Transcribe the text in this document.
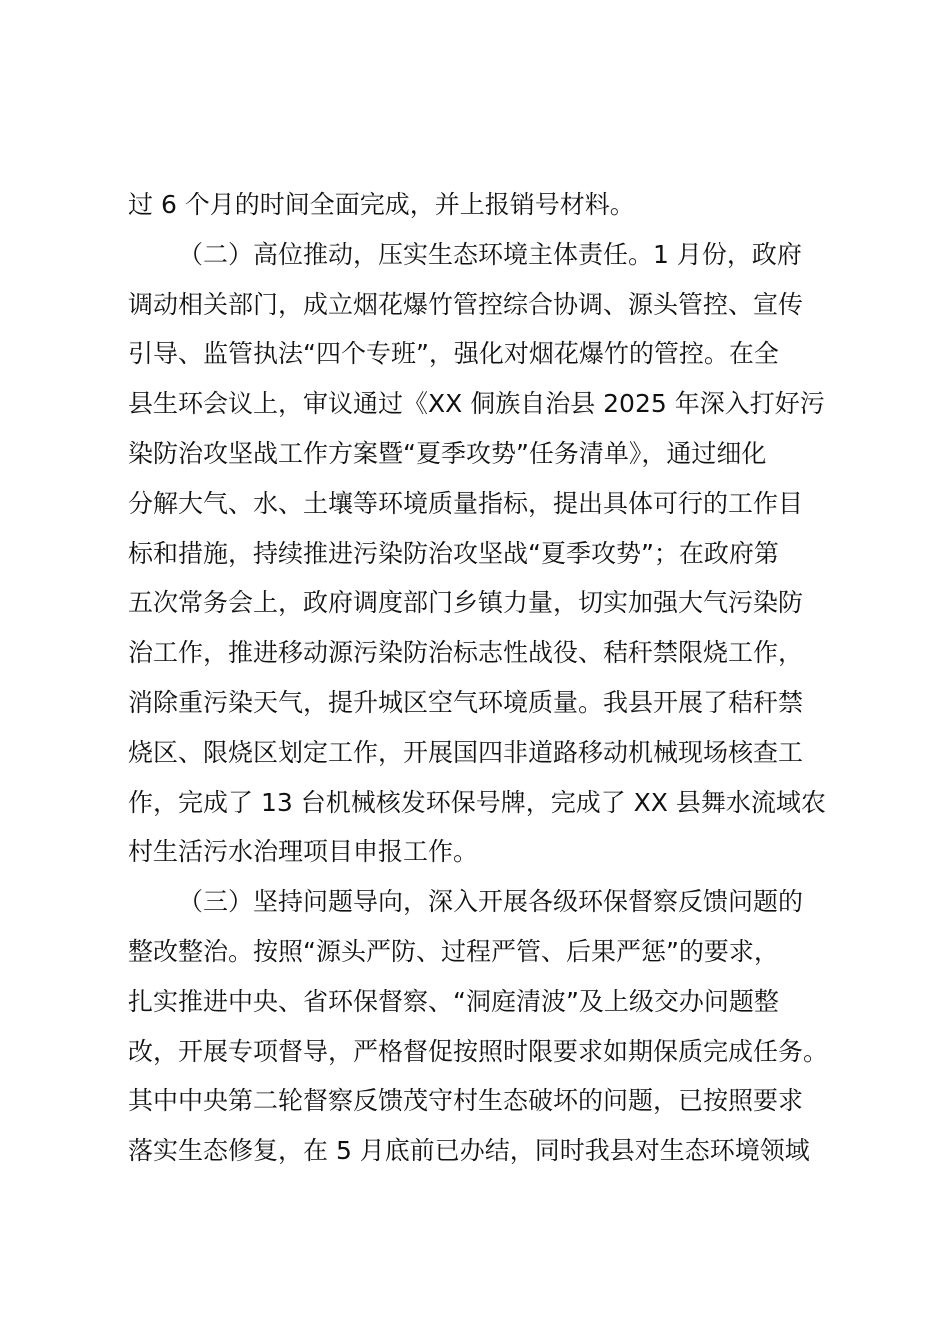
过 6 个月的时间全面完成，并上报销号材料。
（二）高位推动，压实生态环境主体责任。1 月份，政府
调动相关部门，成立烟花爆竹管控综合协调、源头管控、宣传
引导、监管执法“四个专班”，强化对烟花爆竹的管控。在全
县生环会议上，审议通过《XX 侗族自治县 2025 年深入打好污
染防治攻坚战工作方案暨“夏季攻势”任务清单》，通过细化
分解大气、水、土壤等环境质量指标，提出具体可行的工作目
标和措施，持续推进污染防治攻坚战“夏季攻势”；在政府第
五次常务会上，政府调度部门乡镇力量，切实加强大气污染防
治工作，推进移动源污染防治标志性战役、秸秆禁限烧工作，
消除重污染天气，提升城区空气环境质量。我县开展了秸秆禁
烧区、限烧区划定工作，开展国四非道路移动机械现场核查工
作，完成了 13 台机械核发环保号牌，完成了 XX 县舞水流域农
村生活污水治理项目申报工作。
（三）坚持问题导向，深入开展各级环保督察反馈问题的
整改整治。按照“源头严防、过程严管、后果严惩”的要求，
扎实推进中央、省环保督察、“洞庭清波”及上级交办问题整
改，开展专项督导，严格督促按照时限要求如期保质完成任务。
其中中央第二轮督察反馈茂守村生态破坏的问题，已按照要求
落实生态修复，在 5 月底前已办结，同时我县对生态环境领域
